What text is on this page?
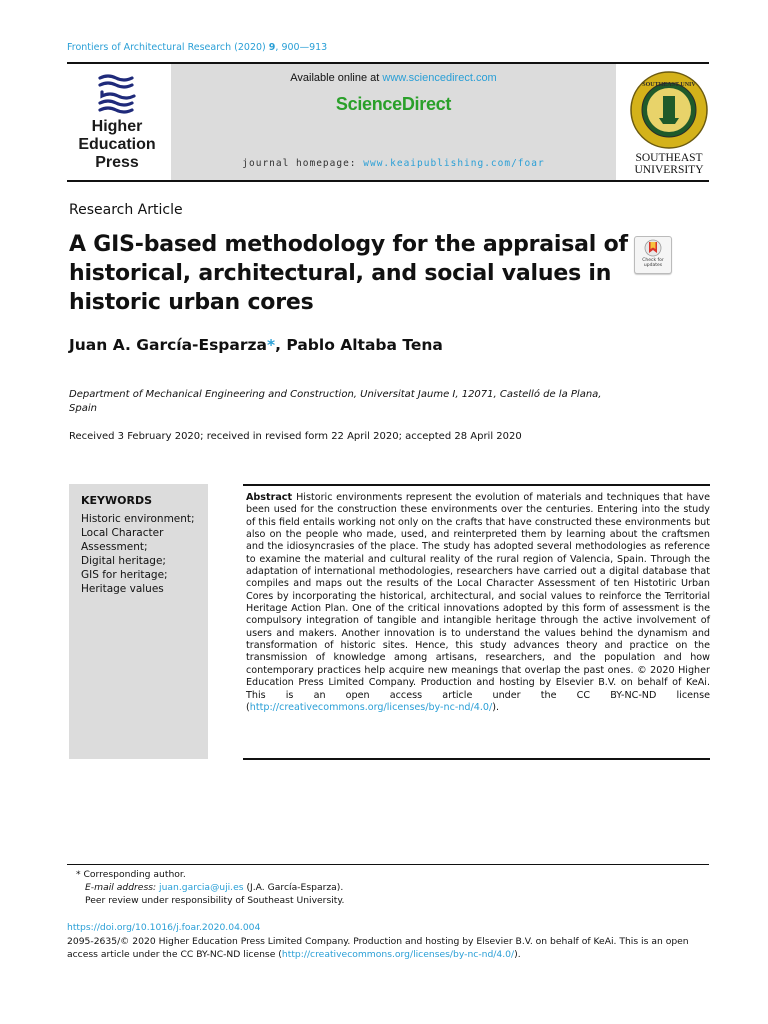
Frontiers of Architectural Research (2020) 9, 900—913
Higher
Education
Press
Available online at www.sciencedirect.com
ScienceDirect
journal homepage: www.keaipublishing.com/foar
SOUTHEAST UNIV
SOUTHEAST
UNIVERSITY
Research Article
A GIS-based methodology for the appraisal of historical, architectural, and social values in historic urban cores
Check for updates
Juan A. García-Esparza*, Pablo Altaba Tena
Department of Mechanical Engineering and Construction, Universitat Jaume I, 12071, Castelló de la Plana, Spain
Received 3 February 2020; received in revised form 22 April 2020; accepted 28 April 2020
KEYWORDS
Historic environment;
Local Character Assessment;
Digital heritage;
GIS for heritage;
Heritage values
Abstract Historic environments represent the evolution of materials and techniques that have been used for the construction these environments over the centuries. Entering into the study of this field entails working not only on the crafts that have constructed these environments but also on the people who made, used, and reinterpreted them by learning about the craftsmen and the idiosyncrasies of the place. The study has adopted several methodologies as reference to examine the material and cultural reality of the rural region of Valencia, Spain. Through the adaptation of international methodologies, researchers have carried out a digital database that compiles and maps out the results of the Local Character Assessment of ten Histotiric Urban Cores by incorporating the historical, architectural, and social values to reinforce the Territorial Heritage Action Plan. One of the critical innovations adopted by this form of assessment is the compulsory integration of tangible and intangible heritage through the active involvement of users and makers. Another innovation is to understand the values behind the dynamism and transformation of historic sites. Hence, this study advances theory and practice on the transmission of knowledge among artisans, researchers, and the population and how contemporary practices help acquire new meanings that overlap the past ones. © 2020 Higher Education Press Limited Company. Production and hosting by Elsevier B.V. on behalf of KeAi. This is an open access article under the CC BY-NC-ND license (http://creativecommons.org/licenses/by-nc-nd/4.0/).
* Corresponding author.
E-mail address: juan.garcia@uji.es (J.A. García-Esparza).
Peer review under responsibility of Southeast University.
https://doi.org/10.1016/j.foar.2020.04.004
2095-2635/© 2020 Higher Education Press Limited Company. Production and hosting by Elsevier B.V. on behalf of KeAi. This is an open access article under the CC BY-NC-ND license (http://creativecommons.org/licenses/by-nc-nd/4.0/).
